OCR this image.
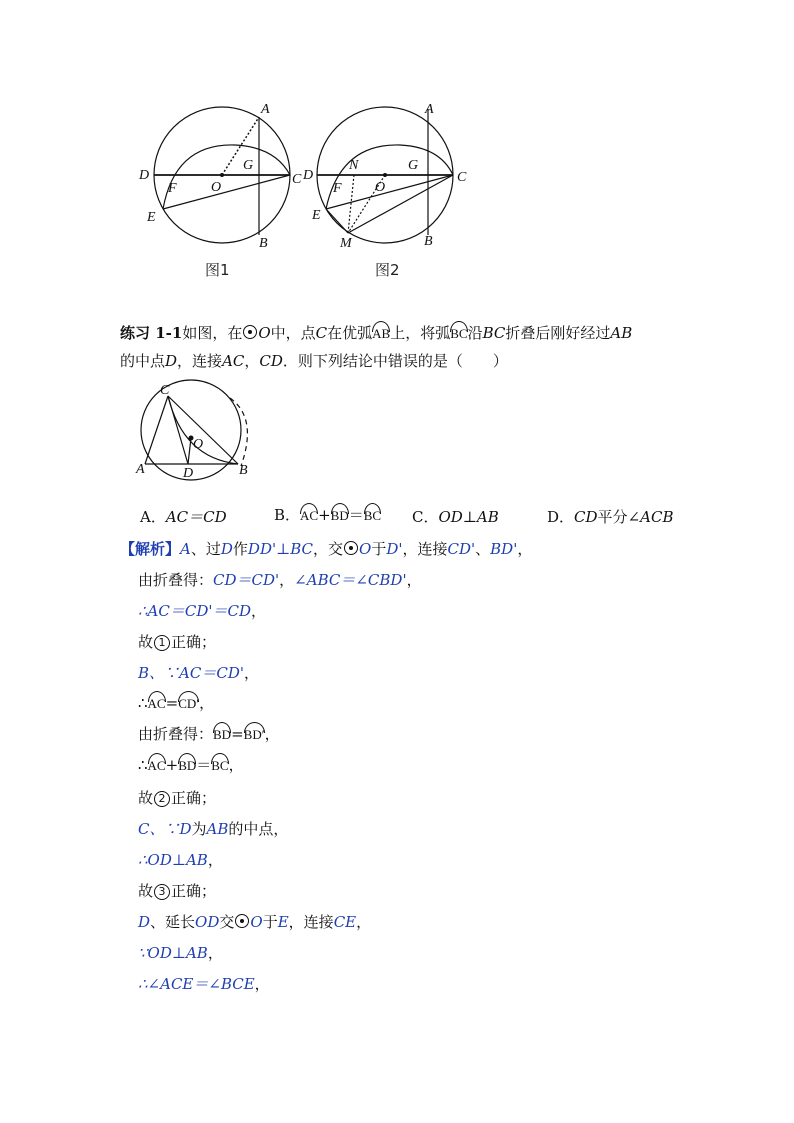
A
B
C
D
E
F
G
O
图1
A
B
C
D
E
F
G
O
N
M
图2
练习 1-1如图，在 O中，点C在优弧AB上，将弧BC沿BC折叠后刚好经过AB
的中点D，连接AC，CD．则下列结论中错误的是（　　）
C
O
A	D	B
A．AC＝CD	B．AC+BD＝BC C．OD⊥AB	D．CD平分∠ACB
【解析】A、过D作DD'⊥BC，交 O于D'，连接CD'、BD'，
由折叠得：CD＝CD'，∠ABC＝∠CBD'，
∴AC＝CD'＝CD，
故 1 正确；
B、∵AC＝CD'，
∴AC=CD′，
由折叠得：BD=BD′，
∴AC+BD＝BC，
故 2 正确；
C、∵D为AB的中点，
∴OD⊥AB，
故 3 正确；
D、延长OD交 O于E，连接CE，
∵OD⊥AB，
∴∠ACE＝∠BCE，
